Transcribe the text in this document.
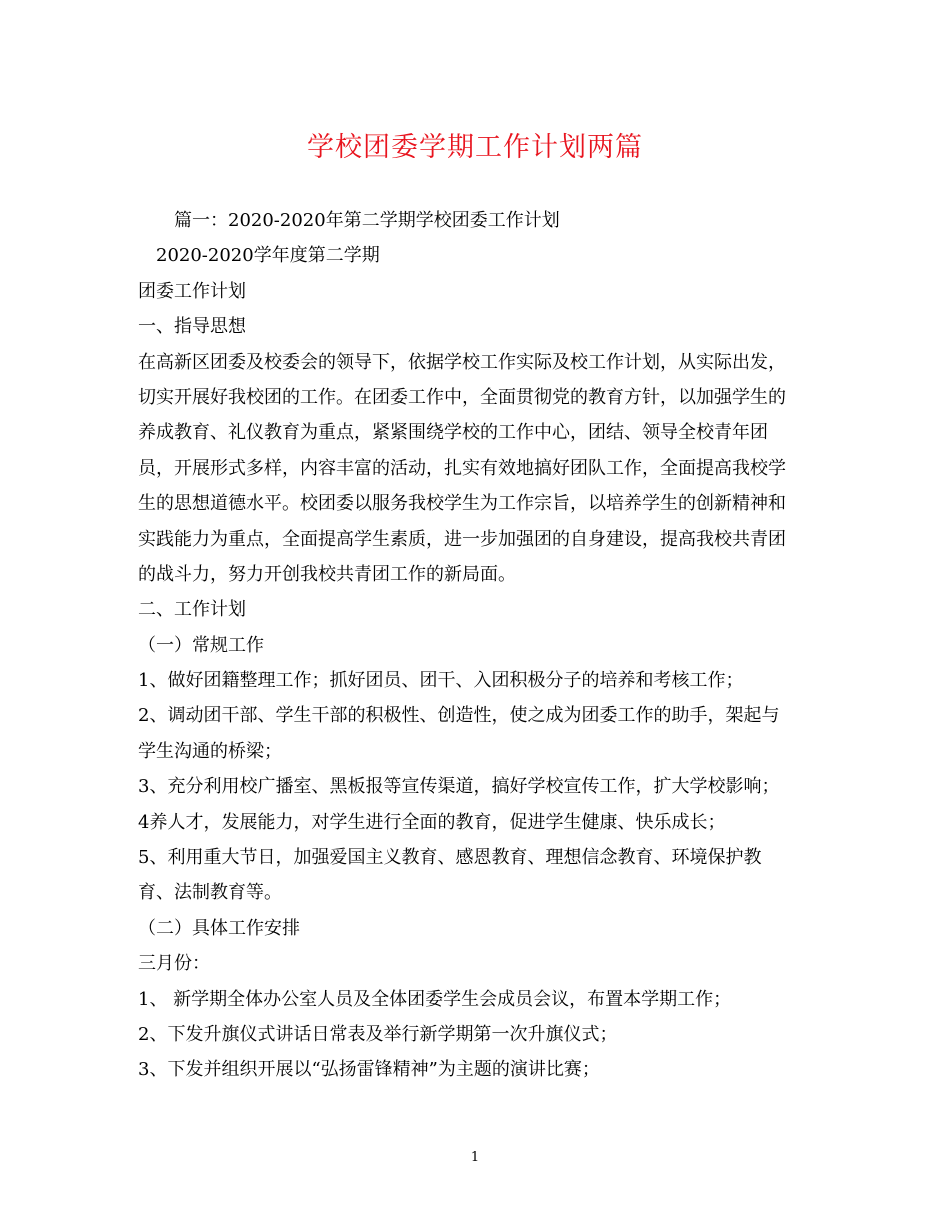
学校团委学期工作计划两篇
篇一：2020-2020年第二学期学校团委工作计划
2020-2020学年度第二学期
团委工作计划
一、指导思想
在高新区团委及校委会的领导下，依据学校工作实际及校工作计划，从实际出发，
切实开展好我校团的工作。在团委工作中，全面贯彻党的教育方针，以加强学生的
养成教育、礼仪教育为重点，紧紧围绕学校的工作中心，团结、领导全校青年团
员，开展形式多样，内容丰富的活动，扎实有效地搞好团队工作，全面提高我校学
生的思想道德水平。校团委以服务我校学生为工作宗旨，以培养学生的创新精神和
实践能力为重点，全面提高学生素质，进一步加强团的自身建设，提高我校共青团
的战斗力，努力开创我校共青团工作的新局面。
二、工作计划
（一）常规工作
1、做好团籍整理工作；抓好团员、团干、入团积极分子的培养和考核工作；
2、调动团干部、学生干部的积极性、创造性，使之成为团委工作的助手，架起与
学生沟通的桥梁；
3、充分利用校广播室、黑板报等宣传渠道，搞好学校宣传工作，扩大学校影响；
4养人才，发展能力，对学生进行全面的教育，促进学生健康、快乐成长；
5、利用重大节日，加强爱国主义教育、感恩教育、理想信念教育、环境保护教
育、法制教育等。
（二）具体工作安排
三月份：
1、 新学期全体办公室人员及全体团委学生会成员会议，布置本学期工作；
2、下发升旗仪式讲话日常表及举行新学期第一次升旗仪式；
3、下发并组织开展以“弘扬雷锋精神”为主题的演讲比赛；
1
